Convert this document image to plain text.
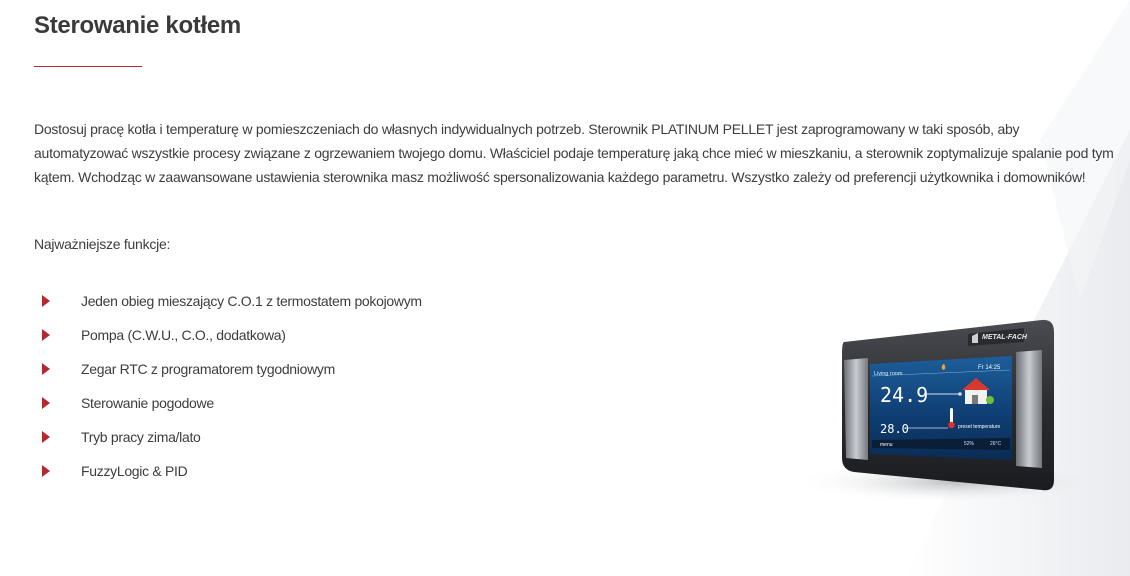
Sterowanie kotłem

Dostosuj pracę kotła i temperaturę w pomieszczeniach do własnych indywidualnych potrzeb. Sterownik PLATINUM PELLET jest zaprogramowany w taki sposób, aby automatyzować wszystkie procesy związane z ogrzewaniem twojego domu. Właściciel podaje temperaturę jaką chce mieć w mieszkaniu, a sterownik zoptymalizuje spalanie pod tym kątem. Wchodząc w zaawansowane ustawienia sterownika masz możliwość spersonalizowania każdego parametru. Wszystko zależy od preferencji użytkownika i domowników!

Najważniejsze funkcje:

Jeden obieg mieszający C.O.1 z termostatem pokojowym
Pompa (C.W.U., C.O., dodatkowa)
Zegar RTC z programatorem tygodniowym
Sterowanie pogodowe
Tryb pracy zima/lato
FuzzyLogic & PID
Living room
Fr 14:25
24.9
28.0	preset temperature
menu	52%	26°C
METAL-FACH
